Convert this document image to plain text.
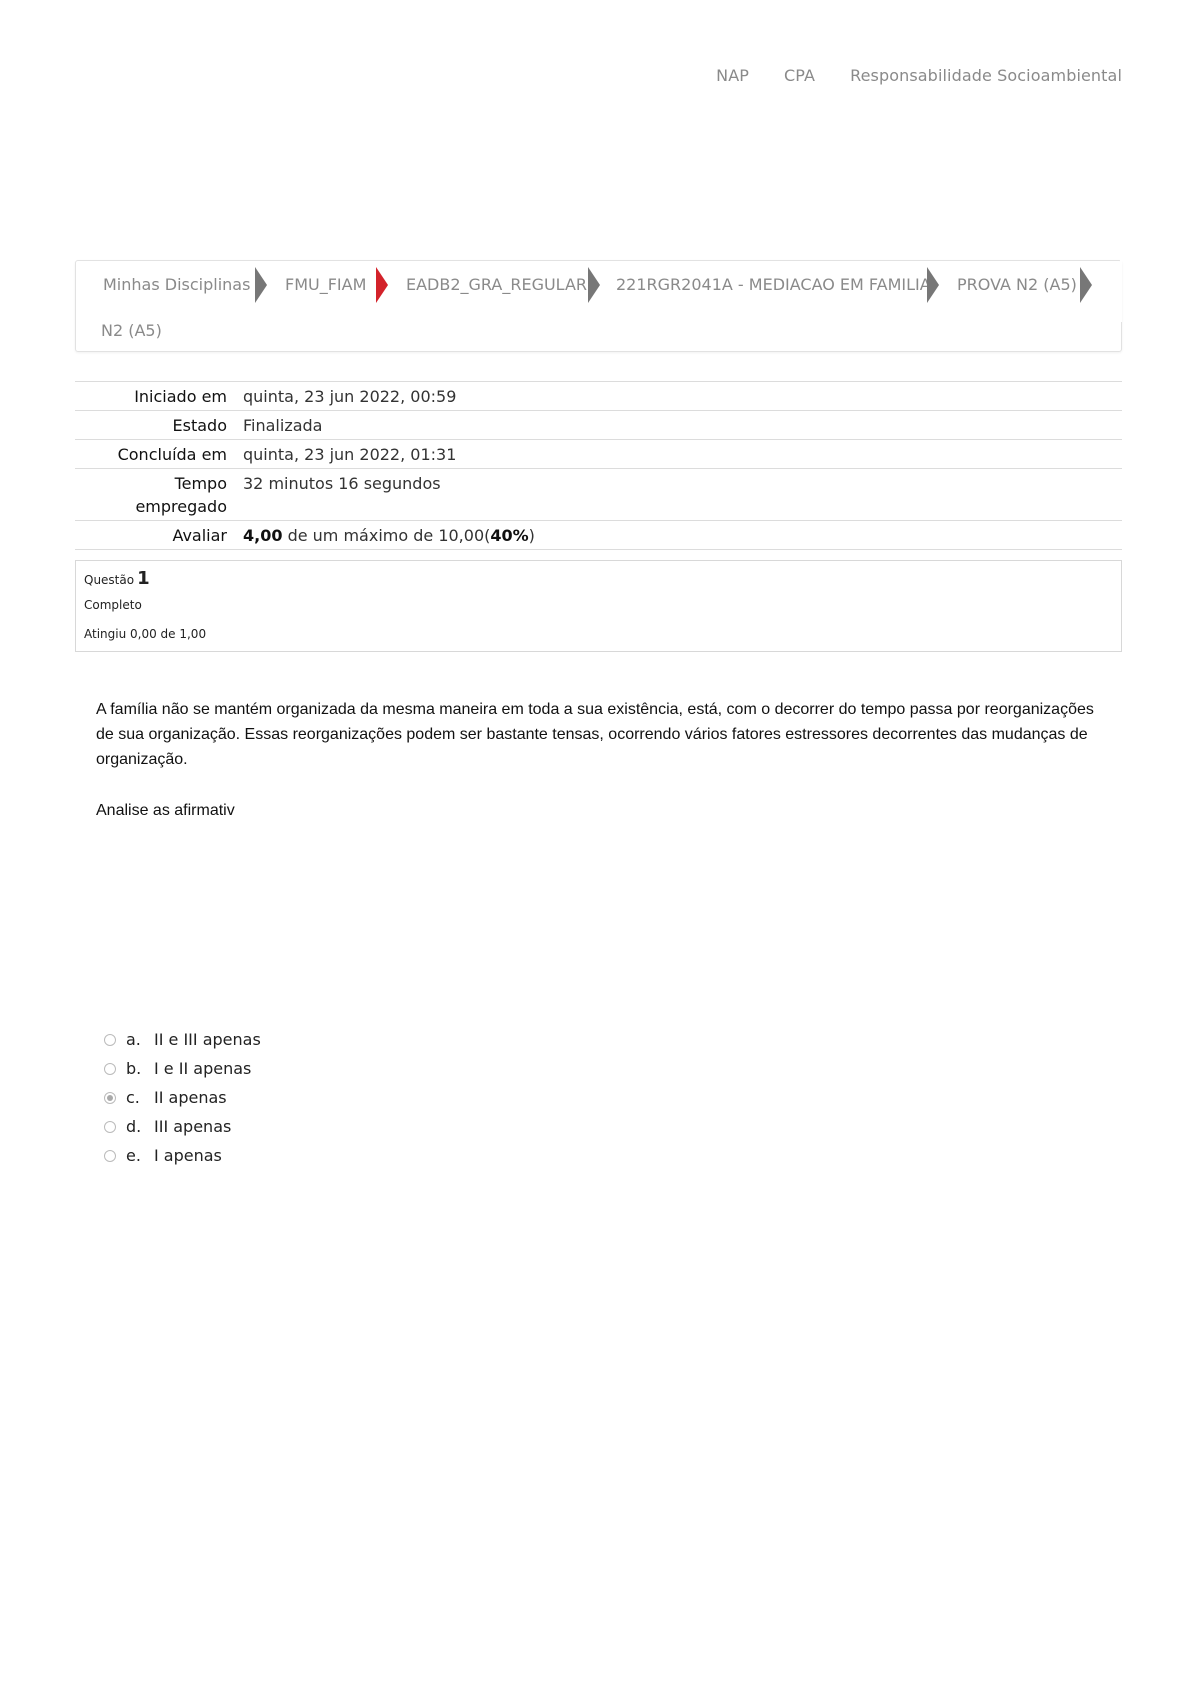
NAP CPA Responsabilidade Socioambiental
Minhas Disciplinas FMU_FIAM EADB2_GRA_REGULAR 221RGR2041A - MEDIACAO EM FAMILIA PROVA N2 (A5)
N2 (A5)
Iniciado em	quinta, 23 jun 2022, 00:59
Estado	Finalizada
Concluída em	quinta, 23 jun 2022, 01:31
Tempo
empregado	32 minutos 16 segundos
Avaliar	4,00 de um máximo de 10,00(40%)
Questão 1
Completo
Atingiu 0,00 de 1,00

A família não se mantém organizada da mesma maneira em toda a sua existência, está, com o decorrer do tempo passa por reorganizações de sua organização. Essas reorganizações podem ser bastante tensas, ocorrendo vários fatores estressores decorrentes das mudanças de organização.

Analise as afirmativ

a. II e III apenas
b. I e II apenas
c. II apenas
d. III apenas
e. I apenas
